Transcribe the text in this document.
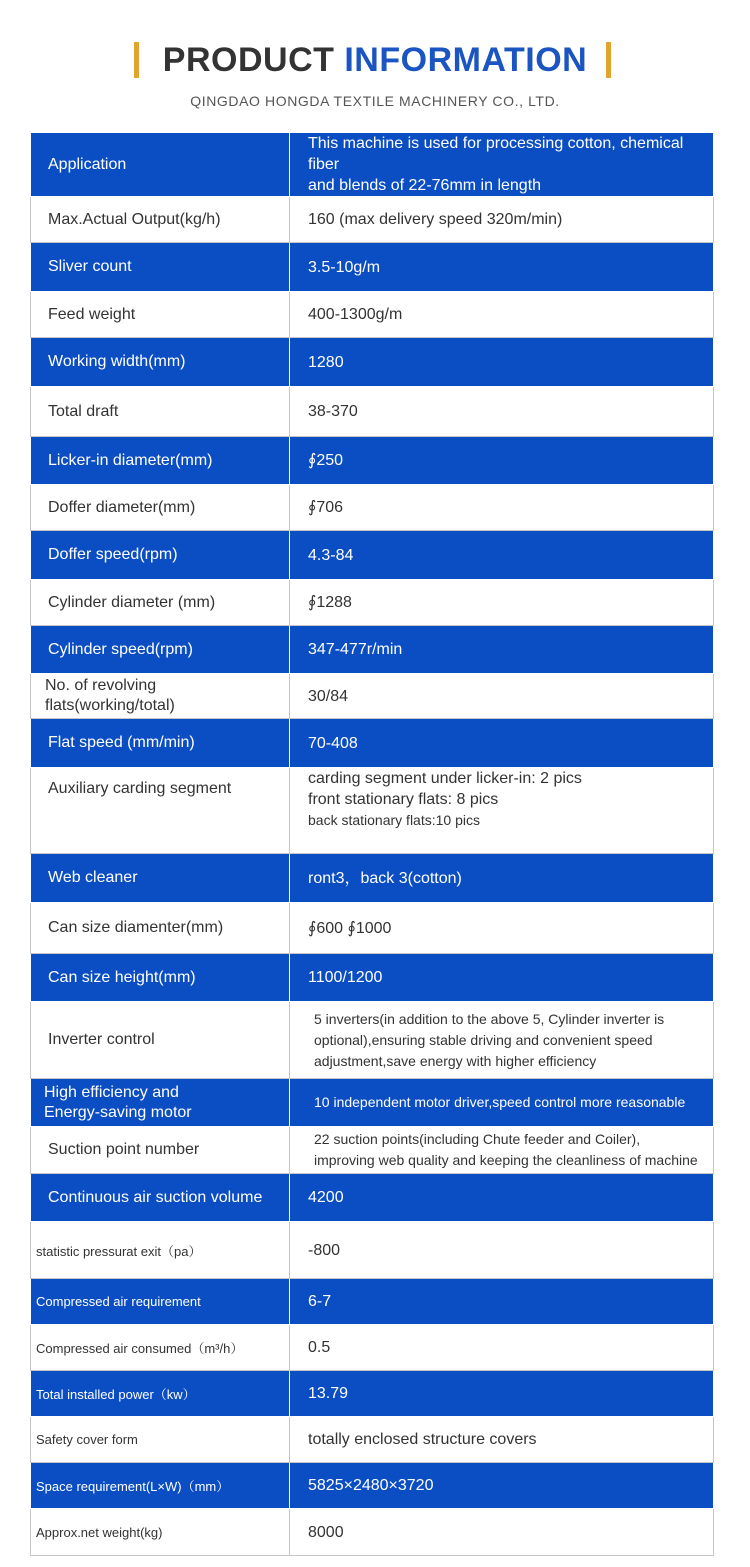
PRODUCT INFORMATION
QINGDAO HONGDA TEXTILE MACHINERY CO., LTD.
Application	This machine is used for processing cotton, chemical fiber
and blends of 22-76mm in length

Max.Actual Output(kg/h)	160 (max delivery speed 320m/min)

Sliver count	3.5-10g/m

Feed weight	400-1300g/m

Working width(mm)	1280

Total draft	38-370

Licker-in diameter(mm)	∮250

Doffer diameter(mm)	∮706

Doffer speed(rpm)	4.3-84

Cylinder diameter (mm)	∮1288

Cylinder speed(rpm)	347-477r/min

No. of revolving
flats(working/total)	30/84

Flat speed (mm/min)	70-408

Auxiliary carding segment	carding segment under licker-in: 2 pics
front stationary flats: 8 pics
back stationary flats:10 pics

Web cleaner	ront3，back 3(cotton)

Can size diamenter(mm)	∮600 ∮1000

Can size height(mm)	1100/1200

Inverter control	5 inverters(in addition to the above 5, Cylinder inverter is
optional),ensuring stable driving and convenient speed
adjustment,save energy with higher efficiency

High efficiency and
Energy-saving motor	10 independent motor driver,speed control more reasonable

Suction point number	22 suction points(including Chute feeder and Coiler),
improving web quality and keeping the cleanliness of machine

Continuous air suction volume	4200

statistic pressurat exit（pa）	-800

Compressed air requirement	6-7

Compressed air consumed（m³/h）	0.5

Total installed power（kw）	13.79

Safety cover form	totally enclosed structure covers

Space requirement(L×W)（mm）	5825×2480×3720

Approx.net weight(kg)	8000
